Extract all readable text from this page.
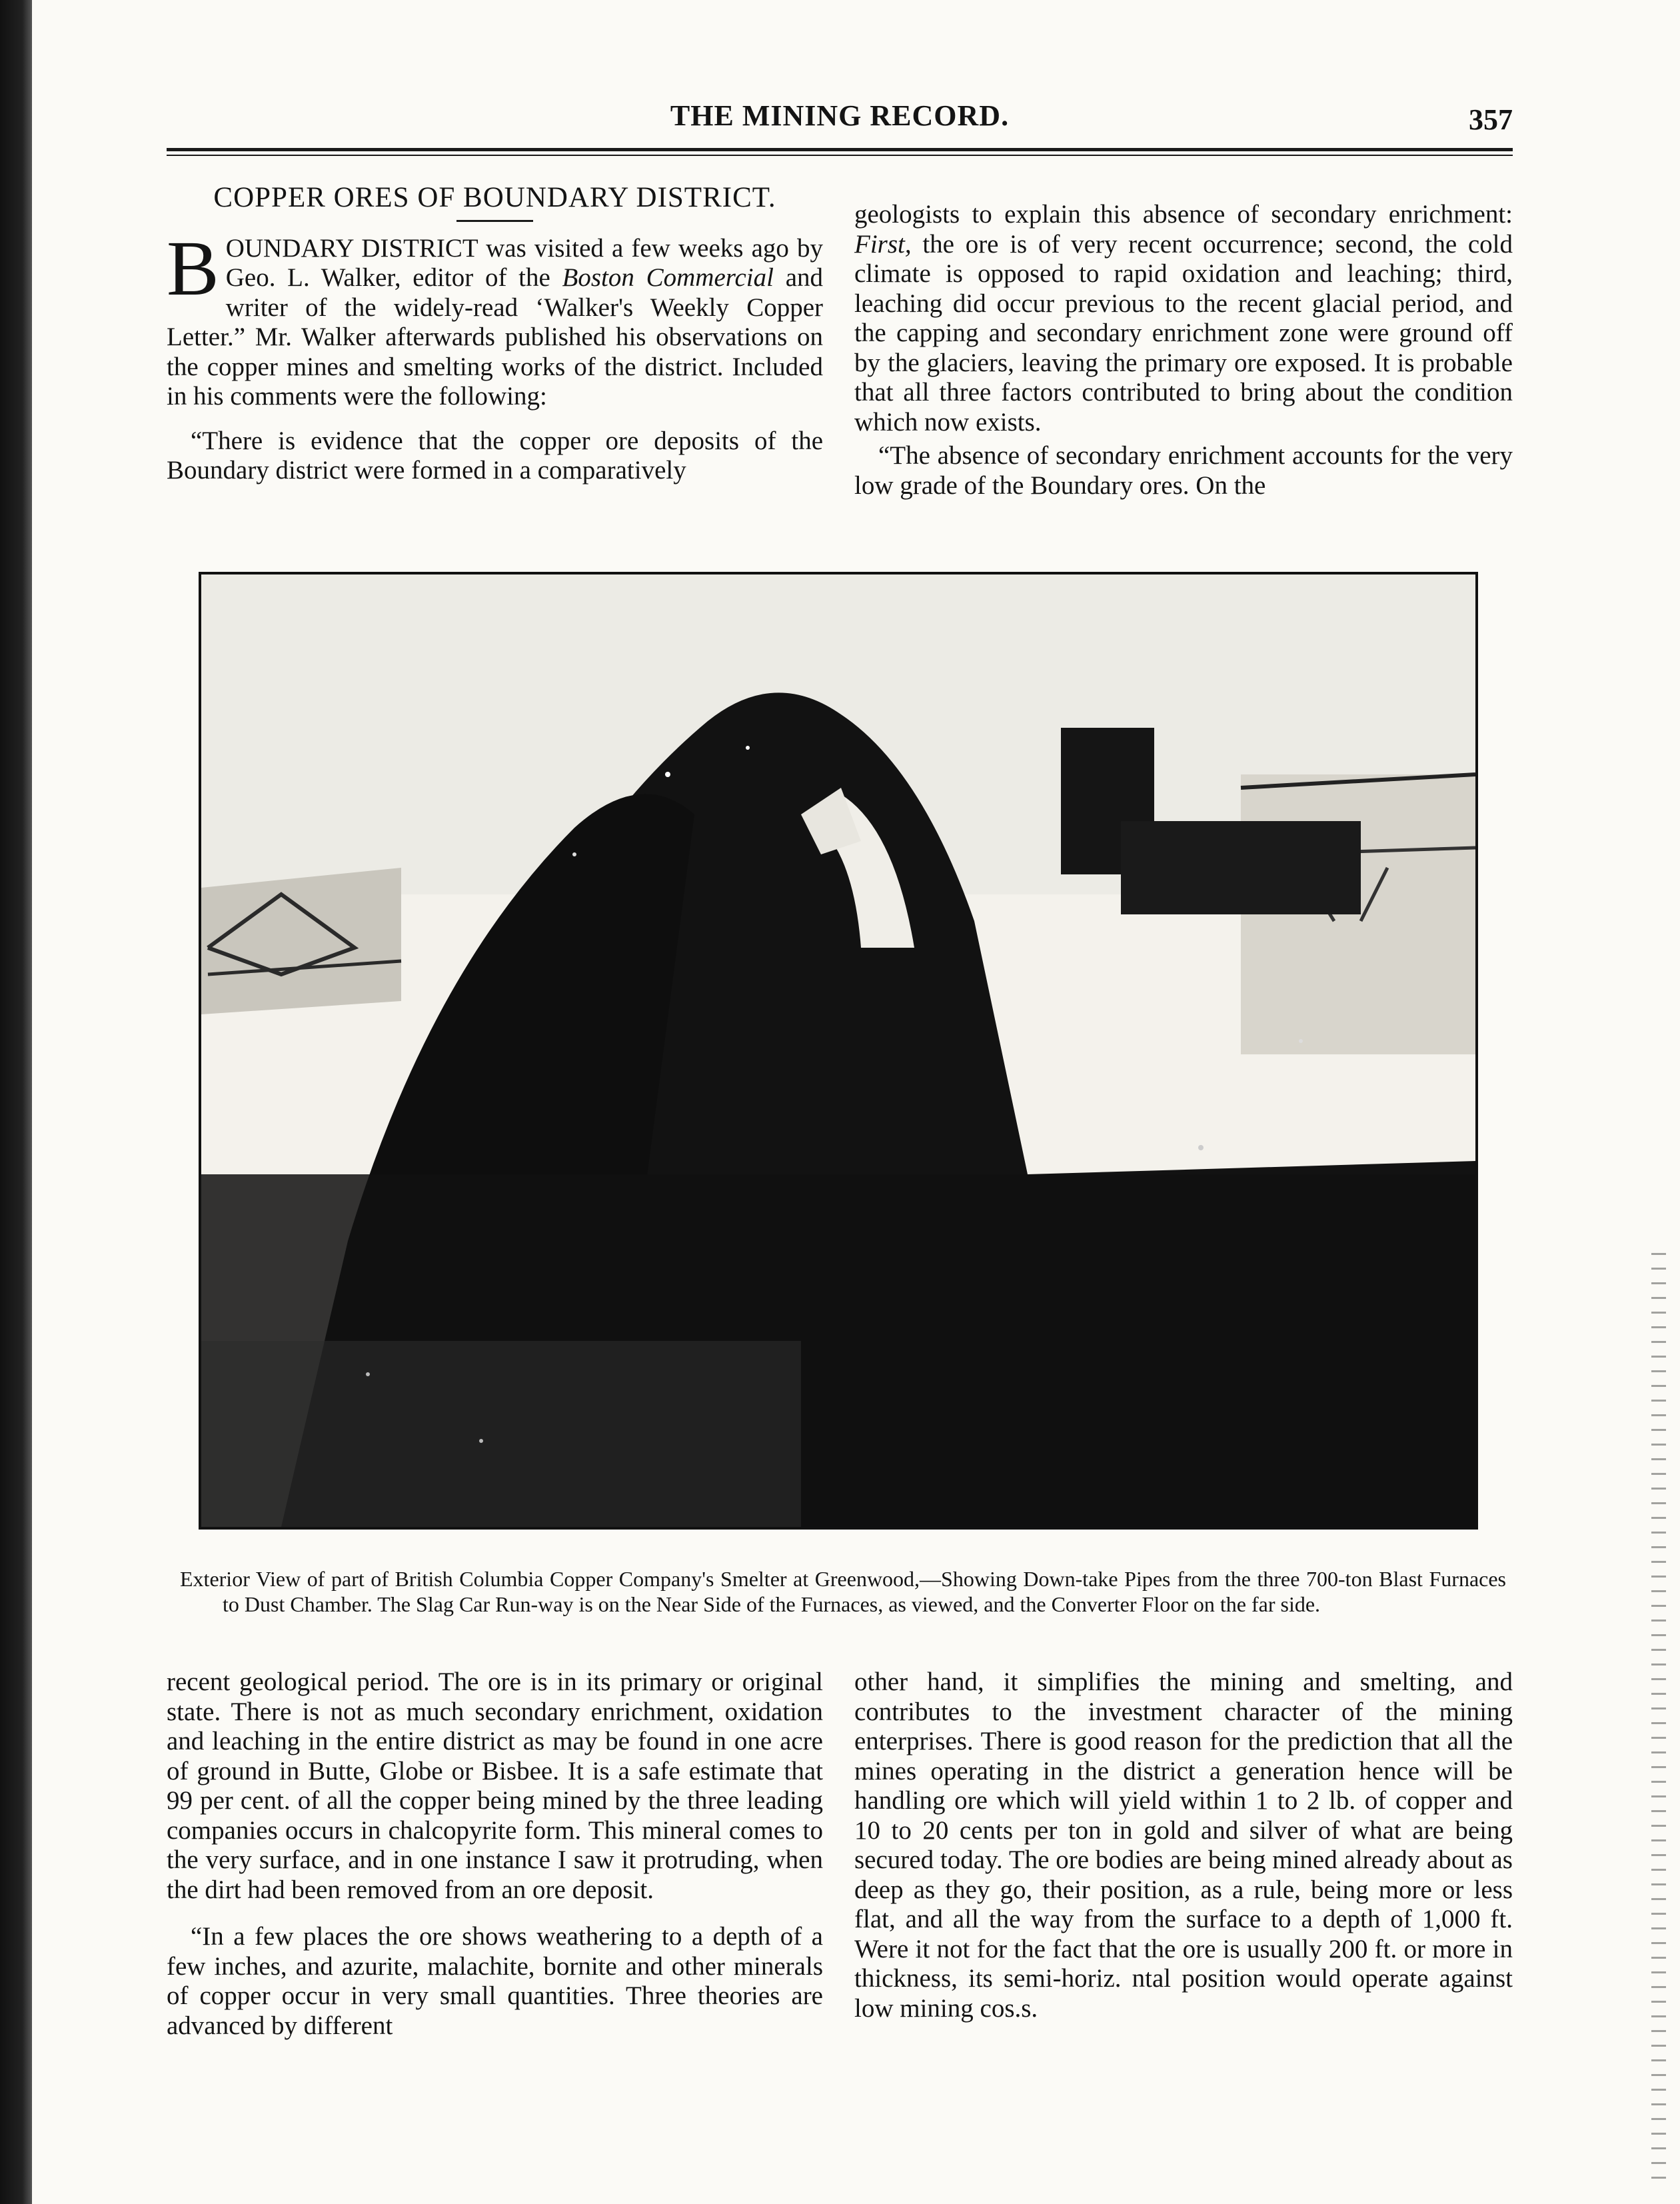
THE MINING RECORD.	357
COPPER ORES OF BOUNDARY DISTRICT.

BOUNDARY DISTRICT was visited a few weeks ago by Geo. L. Walker, editor of the Boston Commercial and writer of the widely-read ‘Walker's Weekly Copper Letter.” Mr. Walker afterwards published his observations on the copper mines and smelting works of the district. Included in his comments were the following:

“There is evidence that the copper ore deposits of the Boundary district were formed in a comparatively

geologists to explain this absence of secondary enrichment: First, the ore is of very recent occurrence; second, the cold climate is opposed to rapid oxidation and leaching; third, leaching did occur previous to the recent glacial period, and the capping and secondary enrichment zone were ground off by the glaciers, leaving the primary ore exposed. It is probable that all three factors contributed to bring about the condition which now exists.

“The absence of secondary enrichment accounts for the very low grade of the Boundary ores. On the

Exterior View of part of British Columbia Copper Company's Smelter at Greenwood,—Showing Down-take Pipes from the three 700-ton Blast Furnaces to Dust Chamber. The Slag Car Run-way is on the Near Side of the Furnaces, as viewed, and the Converter Floor on the far side.

recent geological period. The ore is in its primary or original state. There is not as much secondary enrichment, oxidation and leaching in the entire district as may be found in one acre of ground in Butte, Globe or Bisbee. It is a safe estimate that 99 per cent. of all the copper being mined by the three leading companies occurs in chalcopyrite form. This mineral comes to the very surface, and in one instance I saw it protruding, when the dirt had been removed from an ore deposit.

“In a few places the ore shows weathering to a depth of a few inches, and azurite, malachite, bornite and other minerals of copper occur in very small quantities. Three theories are advanced by different

other hand, it simplifies the mining and smelting, and contributes to the investment character of the mining enterprises. There is good reason for the prediction that all the mines operating in the district a generation hence will be handling ore which will yield within 1 to 2 lb. of copper and 10 to 20 cents per ton in gold and silver of what are being secured today. The ore bodies are being mined already about as deep as they go, their position, as a rule, being more or less flat, and all the way from the surface to a depth of 1,000 ft. Were it not for the fact that the ore is usually 200 ft. or more in thickness, its semi-horiz. ntal position would operate against low mining cos.s.
